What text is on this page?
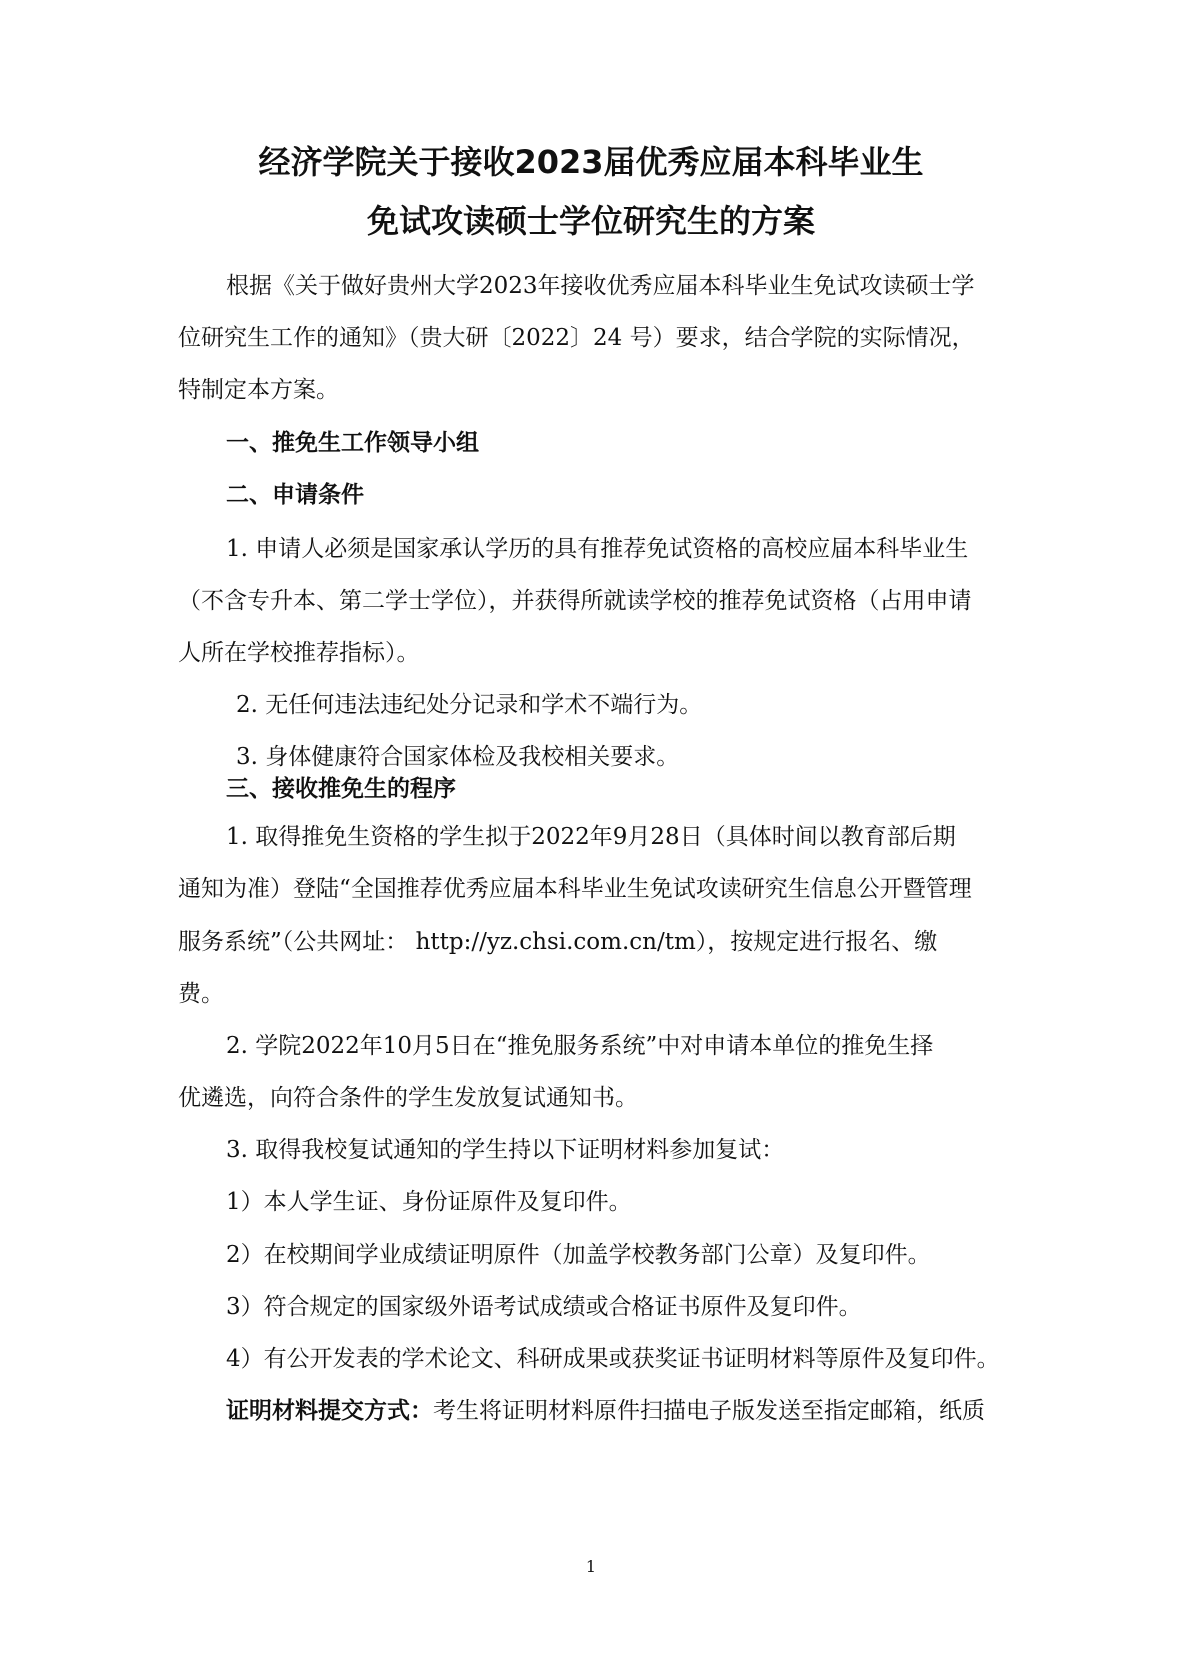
经济学院关于接收2023届优秀应届本科毕业生
免试攻读硕士学位研究生的方案
根据《关于做好贵州大学2023年接收优秀应届本科毕业生免试攻读硕士学
位研究生工作的通知》（贵大研〔2022〕24 号）要求，结合学院的实际情况，
特制定本方案。
一、推免生工作领导小组
二、申请条件
1. 申请人必须是国家承认学历的具有推荐免试资格的高校应届本科毕业生
（不含专升本、第二学士学位），并获得所就读学校的推荐免试资格（占用申请
人所在学校推荐指标）。
2. 无任何违法违纪处分记录和学术不端行为。
3. 身体健康符合国家体检及我校相关要求。
三、接收推免生的程序
1. 取得推免生资格的学生拟于2022年9月28日（具体时间以教育部后期
通知为准）登陆“全国推荐优秀应届本科毕业生免试攻读研究生信息公开暨管理
服务系统”（公共网址： http://yz.chsi.com.cn/tm），按规定进行报名、缴
费。
2. 学院2022年10月5日在“推免服务系统”中对申请本单位的推免生择
优遴选，向符合条件的学生发放复试通知书。
3. 取得我校复试通知的学生持以下证明材料参加复试：
1）本人学生证、身份证原件及复印件。
2）在校期间学业成绩证明原件（加盖学校教务部门公章）及复印件。
3）符合规定的国家级外语考试成绩或合格证书原件及复印件。
4）有公开发表的学术论文、科研成果或获奖证书证明材料等原件及复印件。
证明材料提交方式：考生将证明材料原件扫描电子版发送至指定邮箱，纸质
1
